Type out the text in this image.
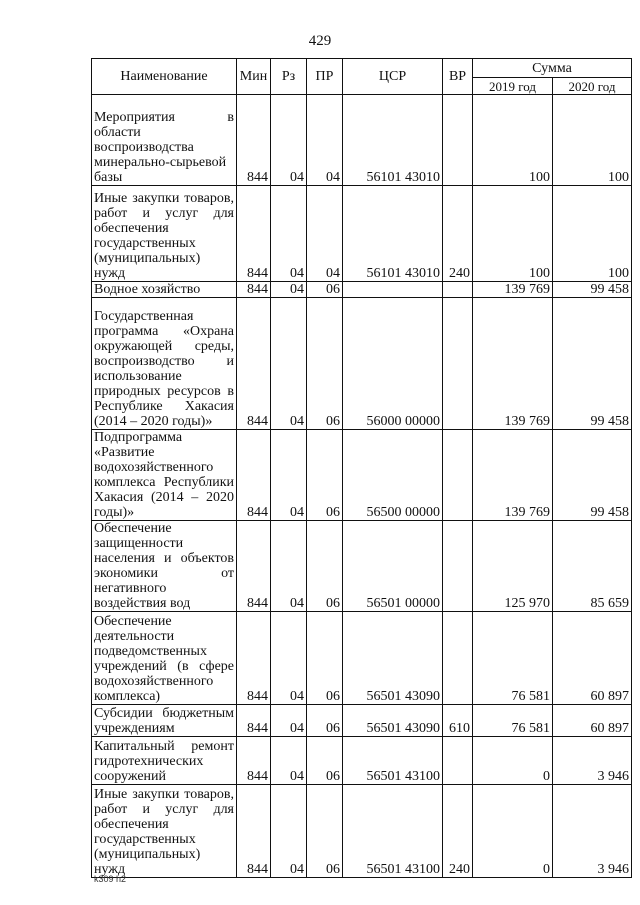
429
Наименование	Мин	Рз	ПР	ЦСР	ВР	Сумма	
						2019 год	2020 год
Мероприятия в области воспроизводства минерально-сырьевой базы	844	04	04	56101 43010		100	100
Иные закупки товаров, работ и услуг для обеспечения государственных (муниципальных) нужд	844	04	04	56101 43010	240	100	100
Водное хозяйство	844	04	06			139 769	99 458
Государственная программа «Охрана окружающей среды, воспроизводство и использование природных ресурсов в Республике Хакасия (2014 – 2020 годы)»	844	04	06	56000 00000		139 769	99 458
Подпрограмма «Развитие водохозяйственного комплекса Республики Хакасия (2014 – 2020 годы)»	844	04	06	56500 00000		139 769	99 458
Обеспечение защищенности населения и объектов экономики от негативного воздействия вод	844	04	06	56501 00000		125 970	85 659
Обеспечение деятельности подведомственных учреждений (в сфере водохозяйственного комплекса)	844	04	06	56501 43090		76 581	60 897
Субсидии бюджетным учреждениям	844	04	06	56501 43090	610	76 581	60 897
Капитальный ремонт гидротехнических сооружений	844	04	06	56501 43100		0	3 946
Иные закупки товаров, работ и услуг для обеспечения государственных (муниципальных) нужд	844	04	06	56501 43100	240	0	3 946
k309 h2
